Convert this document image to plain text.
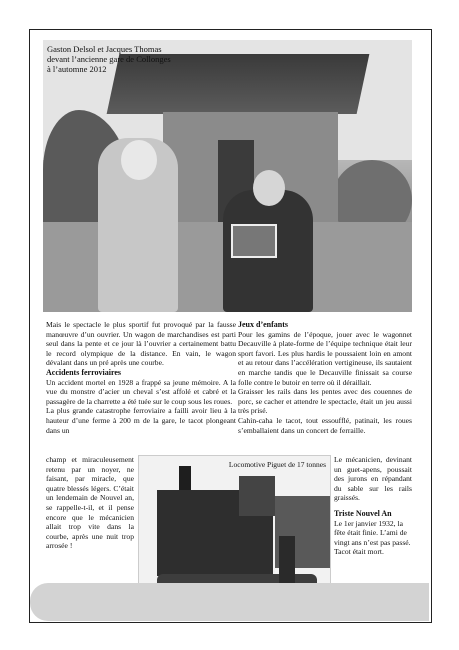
Gaston Delsol et Jacques Thomas
devant l’ancienne gare de Collonges
à l’automne 2012

Mais le spectacle le plus sportif fut provoqué par la fausse manœuvre d’un ouvrier. Un wagon de marchandises est parti seul dans la pente et ce jour là l’ouvrier a certainement battu le record olympique de la distance. En vain, le wagon dévalant dans un pré après une courbe.

Accidents ferroviaires

Un accident mortel en 1928 a frappé sa jeune mémoire. A la vue du monstre d’acier un cheval s’est affolé et cabré et la passagère de la charrette a été tuée sur le coup sous les roues.

La plus grande catastrophe ferroviaire a failli avoir lieu à la hauteur d’une ferme à 200 m de la gare, le tacot plongeant dans un

champ et miraculeusement retenu par un noyer, ne faisant, par miracle, que quatre blessés légers. C’était un lendemain de Nouvel an, se rappelle-t-il, et il pense encore que le mécanicien allait trop vite dans la courbe, après une nuit trop arrosée !

Jeux d’enfants

Pour les gamins de l’époque, jouer avec le wagonnet Decauville à plate-forme de l’équipe technique était leur sport favori. Les plus hardis le poussaient loin en amont et au retour dans l’accélération vertigineuse, ils sautaient en marche tandis que le Decauville finissait sa course folle contre le butoir en terre où il déraillait.

Graisser les rails dans les pentes avec des couennes de porc, se cacher et attendre le spectacle, était un jeu aussi très prisé.

Cahin-caha le tacot, tout essoufflé, patinait, les roues s’emballaient dans un concert de ferraille.

Locomotive Piguet de 17 tonnes

Le mécanicien, devinant un guet-apens, poussait des jurons en répandant du sable sur les rails graissés.

Triste Nouvel An

Le 1er janvier 1932, la fête était finie. L’ami de vingt ans n’est pas passé. Tacot était mort.
